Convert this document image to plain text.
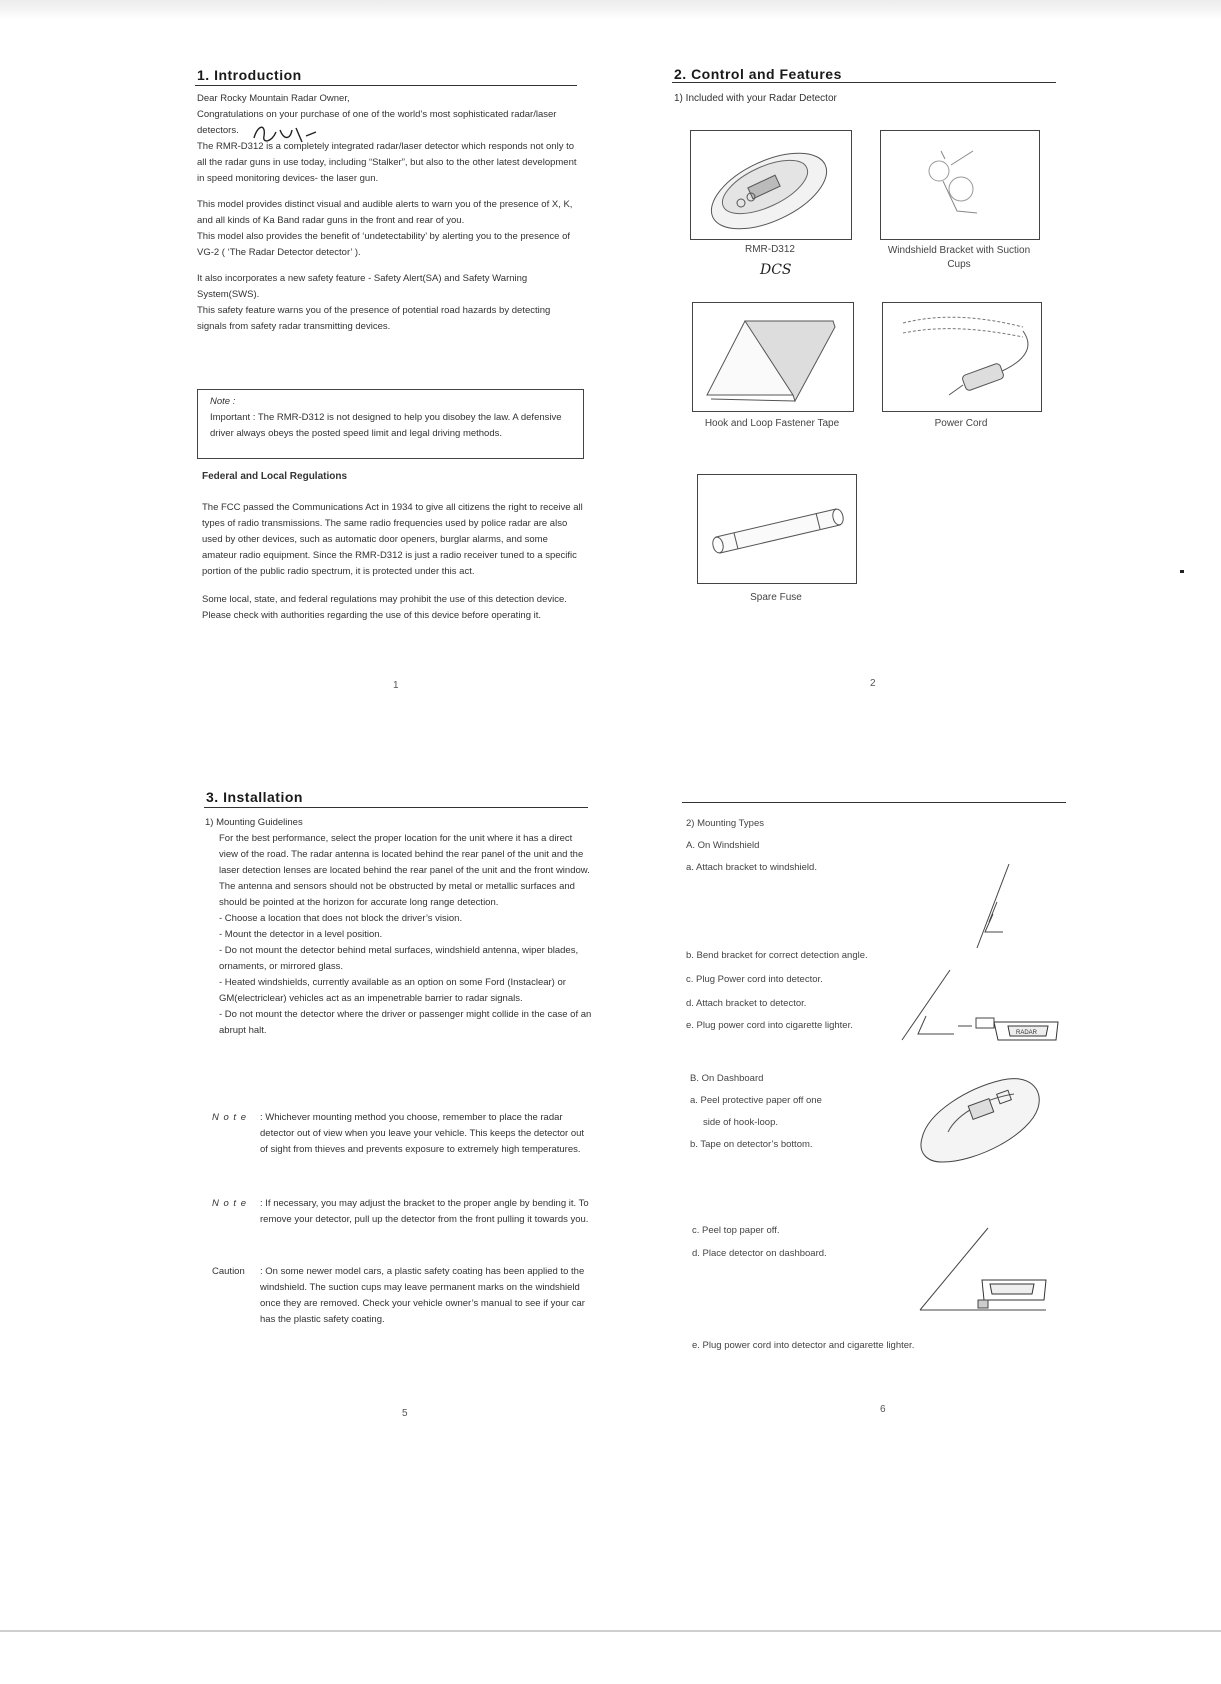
1. Introduction

Dear Rocky Mountain Radar Owner,

Congratulations on your purchase of one of the world’s most sophisticated radar/laser detectors.

The RMR-D312 is a completely integrated radar/laser detector which responds not only to all the radar guns in use today, including “Stalker”, but also to the other latest development in speed monitoring devices- the laser gun.

This model provides distinct visual and audible alerts to warn you of the presence of X, K, and all kinds of Ka Band radar guns in the front and rear of you.

This model also provides the benefit of ‘undetectability’ by alerting you to the presence of VG-2 ( ‘The Radar Detector detector’ ).

It also incorporates a new safety feature - Safety Alert(SA) and Safety Warning System(SWS).

This safety feature warns you of the presence of potential road hazards by detecting signals from safety radar transmitting devices.

Note :
Important : The RMR-D312 is not designed to help you disobey the law. A defensive driver always obeys the posted speed limit and legal driving methods.
Federal and Local Regulations

The FCC passed the Communications Act in 1934 to give all citizens the right to receive all types of radio transmissions. The same radio frequencies used by police radar are also used by other devices, such as automatic door openers, burglar alarms, and some amateur radio equipment. Since the RMR-D312 is just a radio receiver tuned to a specific portion of the public radio spectrum, it is protected under this act.

Some local, state, and federal regulations may prohibit the use of this detection device. Please check with authorities regarding the use of this device before operating it.

1
2. Control and Features
1) Included with your Radar Detector
RMR-D312
DCS
Windshield Bracket with Suction Cups
Hook and Loop Fastener Tape	Power Cord
Spare Fuse
2
3. Installation
1) Mounting Guidelines

For the best performance, select the proper location for the unit where it has a direct view of the road. The radar antenna is located behind the rear panel of the unit and the laser detection lenses are located behind the rear panel of the unit and the front window. The antenna and sensors should not be obstructed by metal or metallic surfaces and should be pointed at the horizon for accurate long range detection.

- Choose a location that does not block the driver’s vision.
- Mount the detector in a level position.
- Do not mount the detector behind metal surfaces, windshield antenna, wiper blades, ornaments, or mirrored glass.
- Heated windshields, currently available as an option on some Ford (Instaclear) or GM(electriclear) vehicles act as an impenetrable barrier to radar signals.
- Do not mount the detector where the driver or passenger might collide in the case of an abrupt halt.
N o t e	: Whichever mounting method you choose, remember to place the radar detector out of view when you leave your vehicle. This keeps the detector out of sight from thieves and prevents exposure to extremely high temperatures.
N o t e	: If necessary, you may adjust the bracket to the proper angle by bending it. To remove your detector, pull up the detector from the front pulling it towards you.
Caution	: On some newer model cars, a plastic safety coating has been applied to the windshield. The suction cups may leave permanent marks on the windshield once they are removed. Check your vehicle owner’s manual to see if your car has the plastic safety coating.
5
2) Mounting Types
A. On Windshield
a. Attach bracket to windshield.
b. Bend bracket for correct detection angle.
c. Plug Power cord into detector.
d. Attach bracket to detector.
e. Plug power cord into cigarette lighter.
RADAR
B. On Dashboard
a. Peel protective paper off one
side of hook-loop.
b. Tape on detector’s bottom.
c. Peel top paper off.
d. Place detector on dashboard.
e. Plug power cord into detector and cigarette lighter.
6
